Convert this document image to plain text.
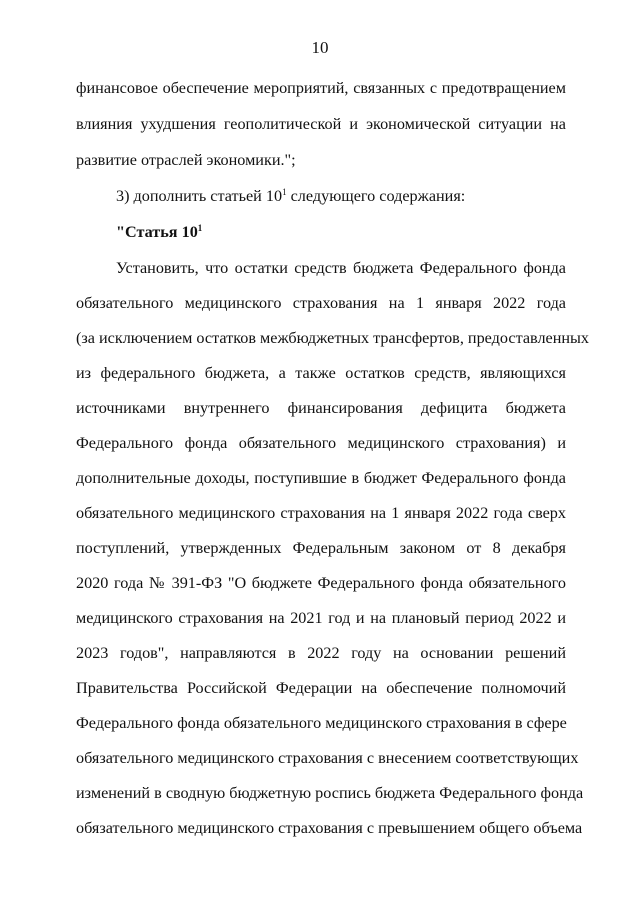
10
финансовое обеспечение мероприятий, связанных с предотвращением
влияния ухудшения геополитической и экономической ситуации на
развитие отраслей экономики.";
3) дополнить статьей $10^1$ следующего содержания:
"Статья $10^1$
Установить, что остатки средств бюджета Федерального фонда
обязательного медицинского страхования на 1 января 2022 года
(за исключением остатков межбюджетных трансфертов, предоставленных
из федерального бюджета, а также остатков средств, являющихся
источниками внутреннего финансирования дефицита бюджета
Федерального фонда обязательного медицинского страхования) и
дополнительные доходы, поступившие в бюджет Федерального фонда
обязательного медицинского страхования на 1 января 2022 года сверх
поступлений, утвержденных Федеральным законом от 8 декабря
2020 года № 391-ФЗ "О бюджете Федерального фонда обязательного
медицинского страхования на 2021 год и на плановый период 2022 и
2023 годов", направляются в 2022 году на основании решений
Правительства Российской Федерации на обеспечение полномочий
Федерального фонда обязательного медицинского страхования в сфере
обязательного медицинского страхования с внесением соответствующих
изменений в сводную бюджетную роспись бюджета Федерального фонда
обязательного медицинского страхования с превышением общего объема
